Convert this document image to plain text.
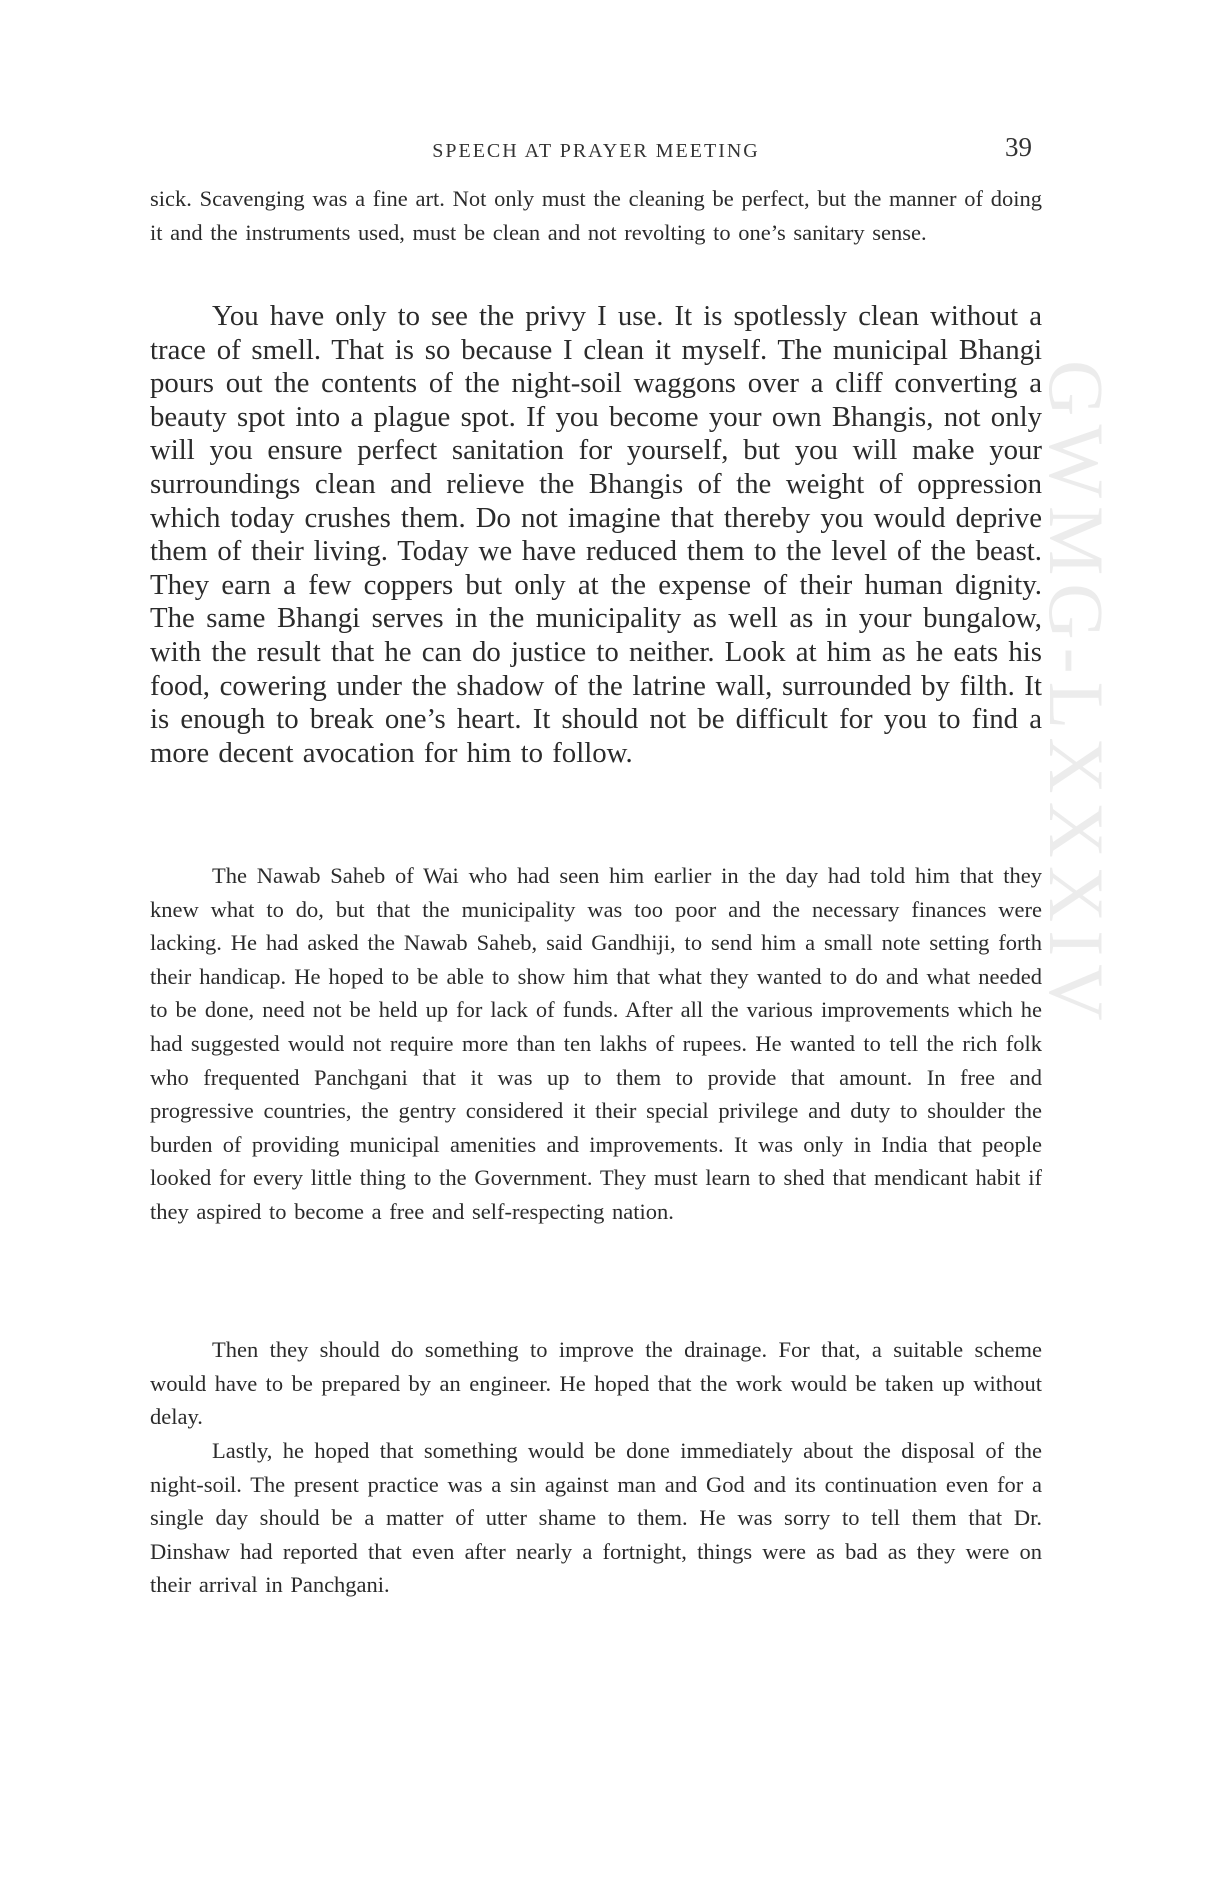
GWMG-LXXXIV
SPEECH AT PRAYER MEETING	39

sick. Scavenging was a fine art. Not only must the cleaning be perfect, but the manner of doing it and the instruments used, must be clean and not revolting to one’s sanitary sense.

You have only to see the privy I use. It is spotlessly clean without a trace of smell. That is so because I clean it myself. The municipal Bhangi pours out the contents of the night-soil waggons over a cliff converting a beauty spot into a plague spot. If you become your own Bhangis, not only will you ensure perfect sanitation for yourself, but you will make your surroundings clean and relieve the Bhangis of the weight of oppression which today crushes them. Do not imagine that thereby you would deprive them of their living. Today we have reduced them to the level of the beast. They earn a few coppers but only at the expense of their human dignity. The same Bhangi serves in the municipality as well as in your bungalow, with the result that he can do justice to neither. Look at him as he eats his food, cowering under the shadow of the latrine wall, surrounded by filth. It is enough to break one’s heart. It should not be difficult for you to find a more decent avocation for him to follow.

The Nawab Saheb of Wai who had seen him earlier in the day had told him that they knew what to do, but that the municipality was too poor and the necessary finances were lacking. He had asked the Nawab Saheb, said Gandhiji, to send him a small note setting forth their handicap. He hoped to be able to show him that what they wanted to do and what needed to be done, need not be held up for lack of funds. After all the various improvements which he had suggested would not require more than ten lakhs of rupees. He wanted to tell the rich folk who frequented Panchgani that it was up to them to provide that amount. In free and progressive countries, the gentry considered it their special privilege and duty to shoulder the burden of providing municipal amenities and improvements. It was only in India that people looked for every little thing to the Government. They must learn to shed that mendicant habit if they aspired to become a free and self-respecting nation.

Then they should do something to improve the drainage. For that, a suitable scheme would have to be prepared by an engineer. He hoped that the work would be taken up without delay.

Lastly, he hoped that something would be done immediately about the disposal of the night-soil. The present practice was a sin against man and God and its continuation even for a single day should be a matter of utter shame to them. He was sorry to tell them that Dr. Dinshaw had reported that even after nearly a fortnight, things were as bad as they were on their arrival in Panchgani.
